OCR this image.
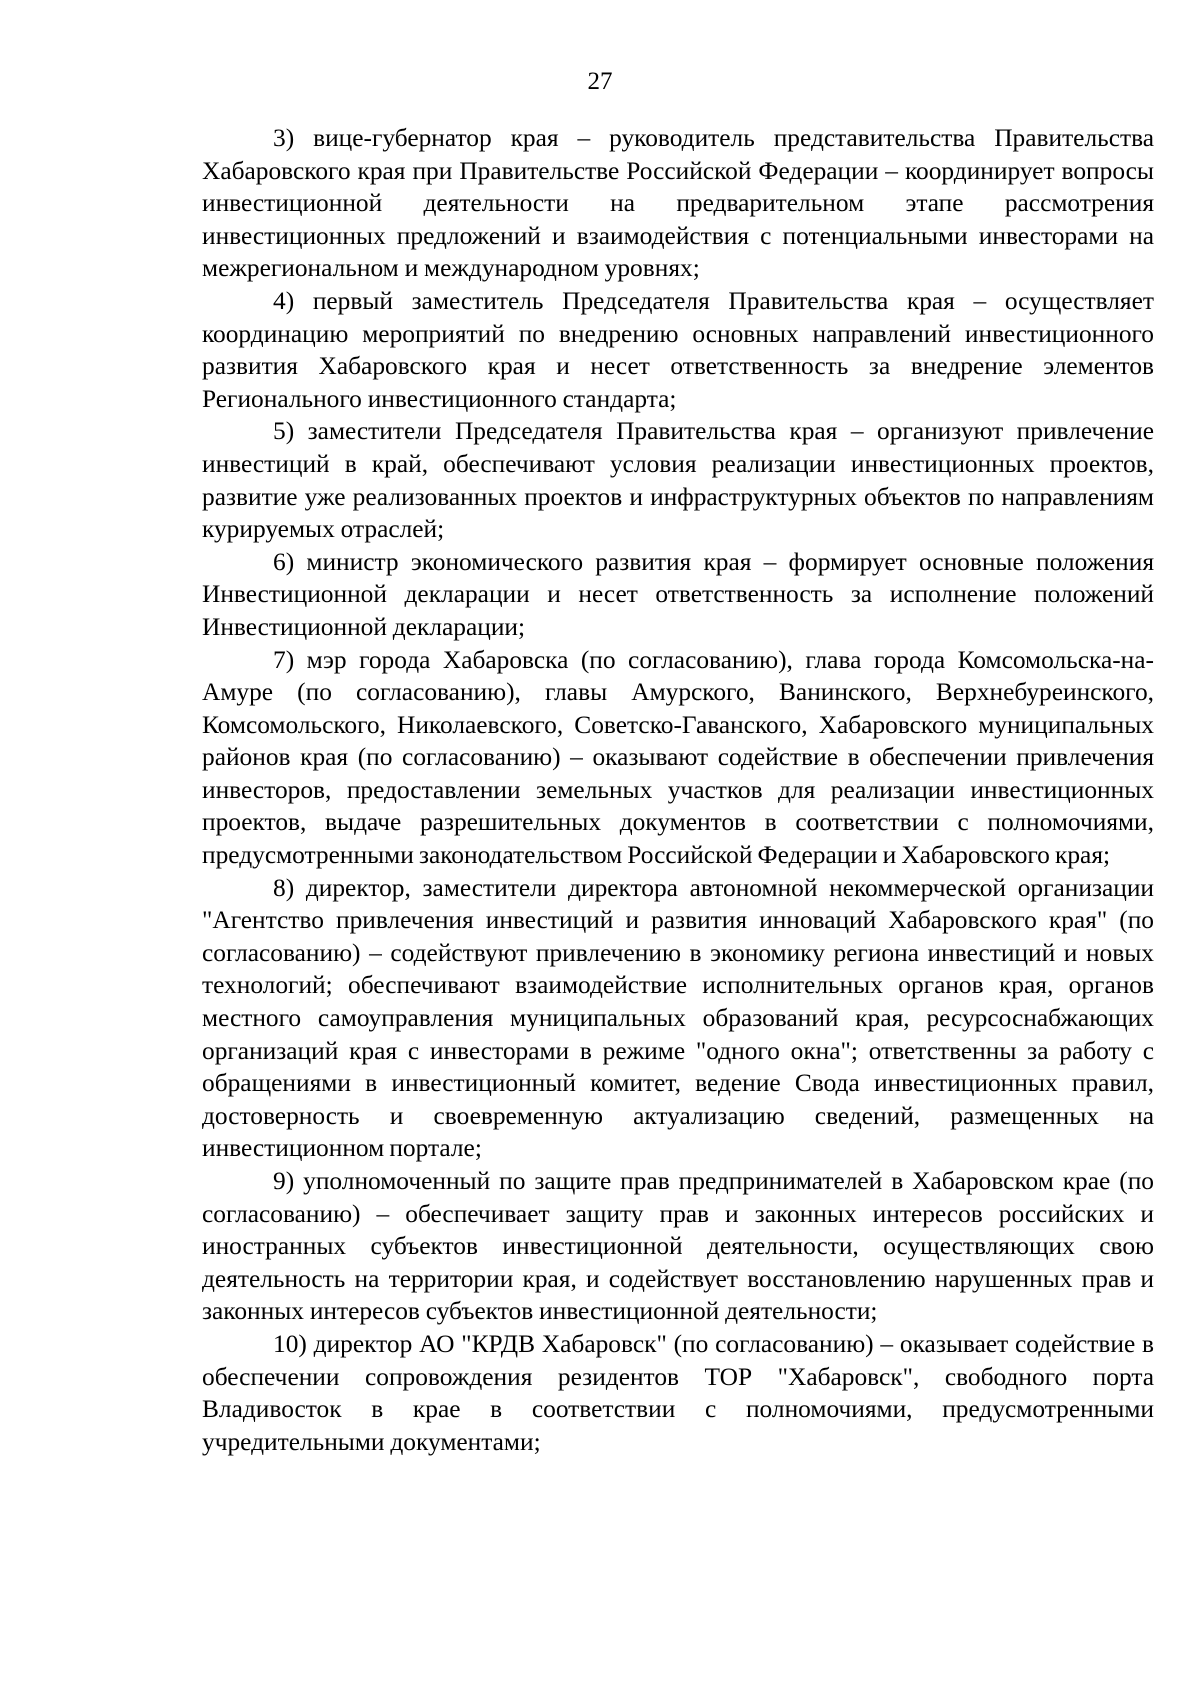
27

3) вице-губернатор края – руководитель представительства Правительства Хабаровского края при Правительстве Российской Федерации – координирует вопросы инвестиционной деятельности на предварительном этапе рассмотрения инвестиционных предложений и взаимодействия с потенциальными инвесторами на межрегиональном и международном уровнях;

4) первый заместитель Председателя Правительства края – осуществляет координацию мероприятий по внедрению основных направлений инвестиционного развития Хабаровского края и несет ответственность за внедрение элементов Регионального инвестиционного стандарта;

5) заместители Председателя Правительства края – организуют привлечение инвестиций в край, обеспечивают условия реализации инвестиционных проектов, развитие уже реализованных проектов и инфраструктурных объектов по направлениям курируемых отраслей;

6) министр экономического развития края – формирует основные положения Инвестиционной декларации и несет ответственность за исполнение положений Инвестиционной декларации;

7) мэр города Хабаровска (по согласованию), глава города Комсомольска-на-Амуре (по согласованию), главы Амурского, Ванинского, Верхнебуреинского, Комсомольского, Николаевского, Советско-Гаванского, Хабаровского муниципальных районов края (по согласованию) – оказывают содействие в обеспечении привлечения инвесторов, предоставлении земельных участков для реализации инвестиционных проектов, выдаче разрешительных документов в соответствии с полномочиями, предусмотренными законодательством Российской Федерации и Хабаровского края;

8) директор, заместители директора автономной некоммерческой организации "Агентство привлечения инвестиций и развития инноваций Хабаровского края" (по согласованию) – содействуют привлечению в экономику региона инвестиций и новых технологий; обеспечивают взаимодействие исполнительных органов края, органов местного самоуправления муниципальных образований края, ресурсоснабжающих организаций края с инвесторами в режиме "одного окна"; ответственны за работу с обращениями в инвестиционный комитет, ведение Свода инвестиционных правил, достоверность и своевременную актуализацию сведений, размещенных на инвестиционном портале;

9) уполномоченный по защите прав предпринимателей в Хабаровском крае (по согласованию) – обеспечивает защиту прав и законных интересов российских и иностранных субъектов инвестиционной деятельности, осуществляющих свою деятельность на территории края, и содействует восстановлению нарушенных прав и законных интересов субъектов инвестиционной деятельности;

10) директор АО "КРДВ Хабаровск" (по согласованию) – оказывает содействие в обеспечении сопровождения резидентов ТОР "Хабаровск", свободного порта Владивосток в крае в соответствии с полномочиями, предусмотренными учредительными документами;
